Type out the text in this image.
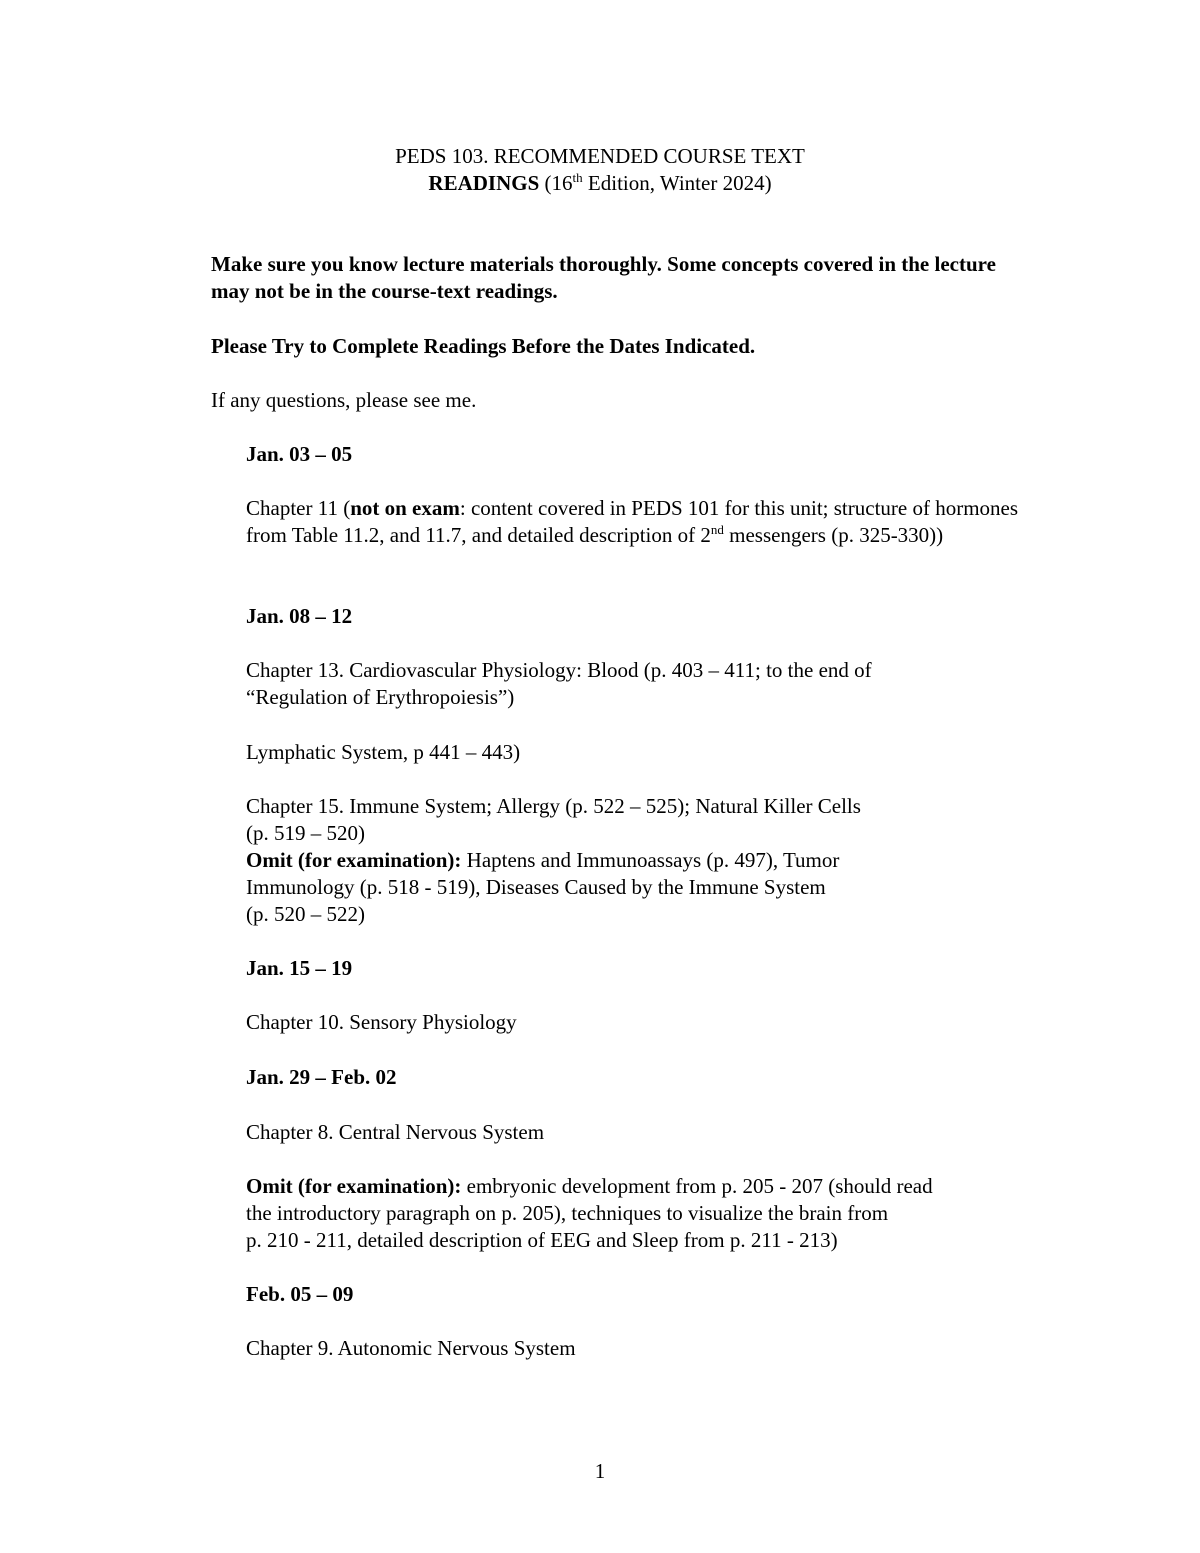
PEDS 103. RECOMMENDED COURSE TEXT
READINGS (16th Edition, Winter 2024)
Make sure you know lecture materials thoroughly. Some concepts covered in the lecture may not be in the course-text readings.
Please Try to Complete Readings Before the Dates Indicated.
If any questions, please see me.
Jan. 03 – 05
Chapter 11 (not on exam: content covered in PEDS 101 for this unit; structure of hormones from Table 11.2, and 11.7, and detailed description of 2nd messengers (p. 325-330))
Jan. 08 – 12
Chapter 13. Cardiovascular Physiology: Blood (p. 403 – 411; to the end of “Regulation of Erythropoiesis”)
Lymphatic System, p 441 – 443)
Chapter 15. Immune System; Allergy (p. 522 – 525); Natural Killer Cells
(p. 519 – 520)
Omit (for examination): Haptens and Immunoassays (p. 497), Tumor
Immunology (p. 518 - 519), Diseases Caused by the Immune System
(p. 520 – 522)
Jan. 15 – 19
Chapter 10. Sensory Physiology
Jan. 29 – Feb. 02
Chapter 8. Central Nervous System
Omit (for examination): embryonic development from p. 205 - 207 (should read
the introductory paragraph on p. 205), techniques to visualize the brain from
p. 210 - 211, detailed description of EEG and Sleep from p. 211 - 213)
Feb. 05 – 09
Chapter 9. Autonomic Nervous System
1
